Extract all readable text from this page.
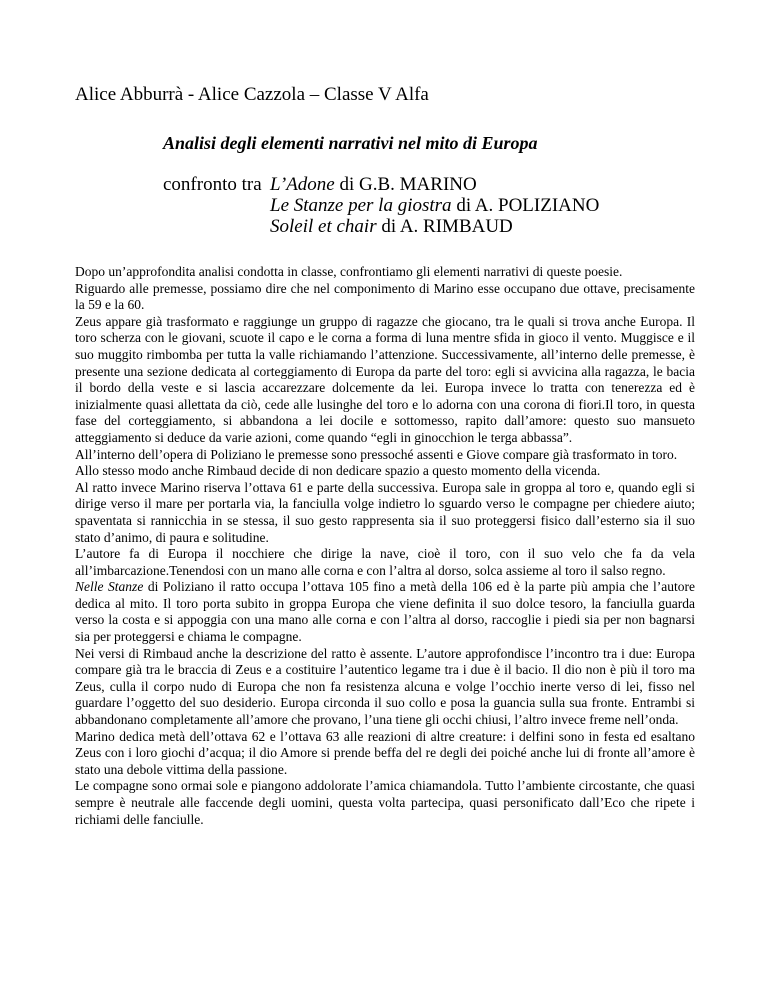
Alice Abburrà - Alice Cazzola – Classe V Alfa
Analisi degli elementi narrativi nel mito di Europa
confronto tra L’Adone di G.B. MARINO
Le Stanze per la giostra di A. POLIZIANO
Soleil et chair di A. RIMBAUD

Dopo un’approfondita analisi condotta in classe, confrontiamo gli elementi narrativi di queste poesie.

Riguardo alle premesse, possiamo dire che nel componimento di Marino esse occupano due ottave, precisamente la 59 e la 60.

Zeus appare già trasformato e raggiunge un gruppo di ragazze che giocano, tra le quali si trova anche Europa. Il toro scherza con le giovani, scuote il capo e le corna a forma di luna mentre sfida in gioco il vento. Muggisce e il suo muggito rimbomba per tutta la valle richiamando l’attenzione. Successivamente, all’interno delle premesse, è presente una sezione dedicata al corteggiamento di Europa da parte del toro: egli si avvicina alla ragazza, le bacia il bordo della veste e si lascia accarezzare dolcemente da lei. Europa invece lo tratta con tenerezza ed è inizialmente quasi allettata da ciò, cede alle lusinghe del toro e lo adorna con una corona di fiori.Il toro, in questa fase del corteggiamento, si abbandona a lei docile e sottomesso, rapito dall’amore: questo suo mansueto atteggiamento si deduce da varie azioni, come quando “egli in ginocchion le terga abbassa”.

All’interno dell’opera di Poliziano le premesse sono pressoché assenti e Giove compare già trasformato in toro.

Allo stesso modo anche Rimbaud decide di non dedicare spazio a questo momento della vicenda.

Al ratto invece Marino riserva l’ottava 61 e parte della successiva. Europa sale in groppa al toro e, quando egli si dirige verso il mare per portarla via, la fanciulla volge indietro lo sguardo verso le compagne per chiedere aiuto; spaventata si rannicchia in se stessa, il suo gesto rappresenta sia il suo proteggersi fisico dall’esterno sia il suo stato d’animo, di paura e solitudine.

L’autore fa di Europa il nocchiere che dirige la nave, cioè il toro, con il suo velo che fa da vela all’imbarcazione.Tenendosi con un mano alle corna e con l’altra al dorso, solca assieme al toro il salso regno.

Nelle Stanze di Poliziano il ratto occupa l’ottava 105 fino a metà della 106 ed è la parte più ampia che l’autore dedica al mito. Il toro porta subito in groppa Europa che viene definita il suo dolce tesoro, la fanciulla guarda verso la costa e si appoggia con una mano alle corna e con l’altra al dorso, raccoglie i piedi sia per non bagnarsi sia per proteggersi e chiama le compagne.

Nei versi di Rimbaud anche la descrizione del ratto è assente. L’autore approfondisce l’incontro tra i due: Europa compare già tra le braccia di Zeus e a costituire l’autentico legame tra i due è il bacio. Il dio non è più il toro ma Zeus, culla il corpo nudo di Europa che non fa resistenza alcuna e volge l’occhio inerte verso di lei, fisso nel guardare l’oggetto del suo desiderio. Europa circonda il suo collo e posa la guancia sulla sua fronte. Entrambi si abbandonano completamente all’amore che provano, l’una tiene gli occhi chiusi, l’altro invece freme nell’onda.

Marino dedica metà dell’ottava 62 e l’ottava 63 alle reazioni di altre creature: i delfini sono in festa ed esaltano Zeus con i loro giochi d’acqua; il dio Amore si prende beffa del re degli dei poiché anche lui di fronte all’amore è stato una debole vittima della passione.

Le compagne sono ormai sole e piangono addolorate l’amica chiamandola. Tutto l’ambiente circostante, che quasi sempre è neutrale alle faccende degli uomini, questa volta partecipa, quasi personificato dall’Eco che ripete i richiami delle fanciulle.
